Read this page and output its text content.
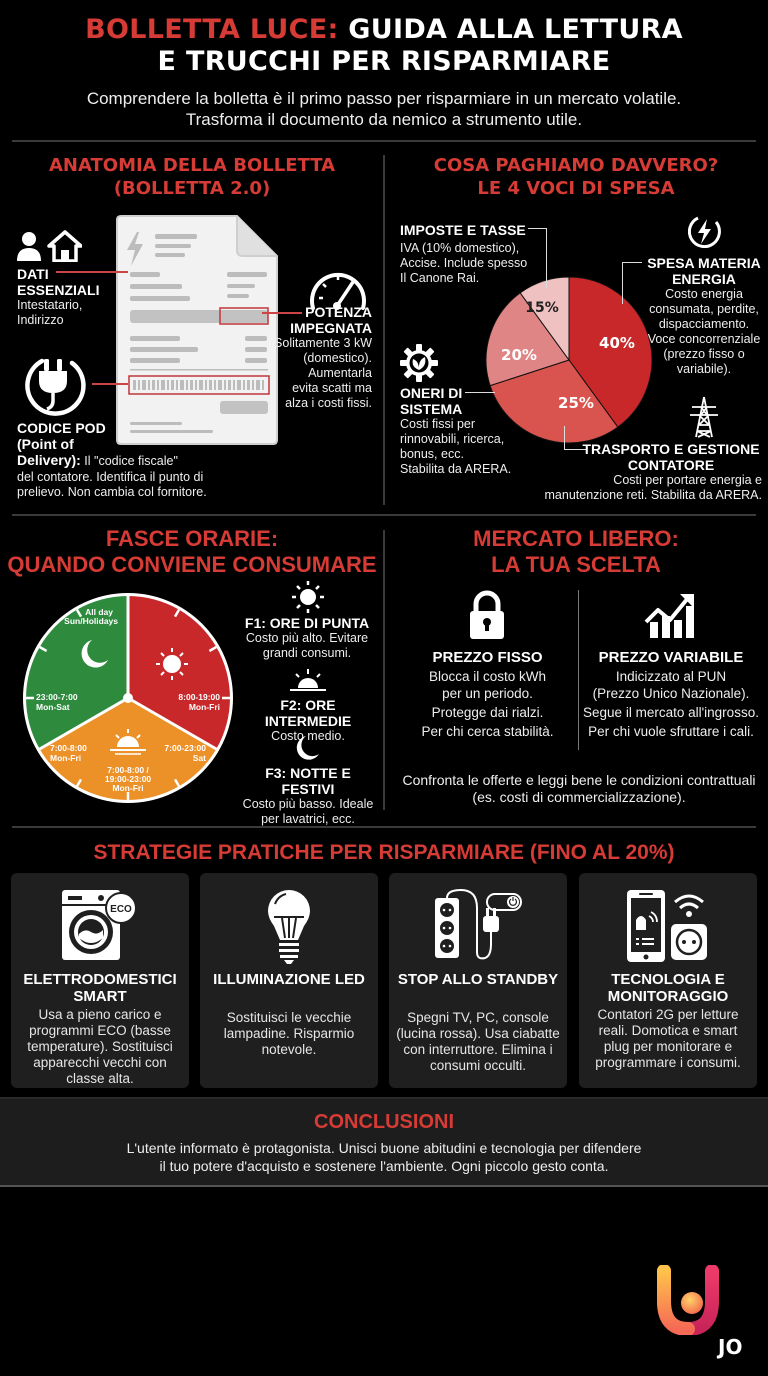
BOLLETTA LUCE: GUIDA ALLA LETTURA
E TRUCCHI PER RISPARMIARE
Comprendere la bolletta è il primo passo per risparmiare in un mercato volatile.
Trasforma il documento da nemico a strumento utile.
ANATOMIA DELLA BOLLETTA
(BOLLETTA 2.0)
DATI
ESSENZIALI
Intestatario,
Indirizzo	POTENZA
IMPEGNATA
Solitamente 3 kW
(domestico).
Aumentarla
evita scatti ma
alza i costi fissi.
CODICE POD
(Point of
Delivery): Il "codice fiscale"
del contatore. Identifica il punto di
prelievo. Non cambia col fornitore.
COSA PAGHIAMO DAVVERO?
LE 4 VOCI DI SPESA
40%
25%
20%
15%
IMPOSTE E TASSE
IVA (10% domestico),
Accise. Include spesso
Il Canone Rai.
SPESA MATERIA
ENERGIA
Costo energia
consumata, perdite,
dispacciamento.
Voce concorrenziale
(prezzo fisso o
variabile).
ONERI DI
SISTEMA
Costi fissi per
rinnovabili, ricerca,
bonus, ecc.
Stabilita da ARERA.
TRASPORTO E GESTIONE
CONTATORE
Costi per portare energia e
manutenzione reti. Stabilita da ARERA.
FASCE ORARIE:
QUANDO CONVIENE CONSUMARE
All day
Sun/Holidays
23:00-7:00
Mon-Sat
8:00-19:00
Mon-Fri
7:00-8:00
Mon-Fri
7:00-23:00
Sat
7:00-8:00 /
19:00-23:00
Mon-Fri
F1: ORE DI PUNTA
Costo più alto. Evitare
grandi consumi.
F2: ORE INTERMEDIE
Costo medio.
F3: NOTTE E FESTIVI
Costo più basso. Ideale
per lavatrici, ecc.
MERCATO LIBERO:
LA TUA SCELTA
PREZZO FISSO
Blocca il costo kWh
per un periodo.
Protegge dai rialzi.
Per chi cerca stabilità.
PREZZO VARIABILE
Indicizzato al PUN
(Prezzo Unico Nazionale).
Segue il mercato all'ingrosso.
Per chi vuole sfruttare i cali.
Confronta le offerte e leggi bene le condizioni contrattuali
(es. costi di commercializzazione).
STRATEGIE PRATICHE PER RISPARMIARE (FINO AL 20%)
ECO
ELETTRODOMESTICI SMART
Usa a pieno carico e programmi ECO (basse temperature). Sostituisci apparecchi vecchi con classe alta.
ILLUMINAZIONE LED
Sostituisci le vecchie lampadine. Risparmio notevole.
STOP ALLO STANDBY
Spegni TV, PC, console (lucina rossa). Usa ciabatte con interruttore. Elimina i consumi occulti.
TECNOLOGIA E MONITORAGGIO
Contatori 2G per letture reali. Domotica e smart plug per monitorare e programmare i consumi.
CONCLUSIONI
L'utente informato è protagonista. Unisci buone abitudini e tecnologia per difendere
il tuo potere d'acquisto e sostenere l'ambiente. Ogni piccolo gesto conta.
JO
